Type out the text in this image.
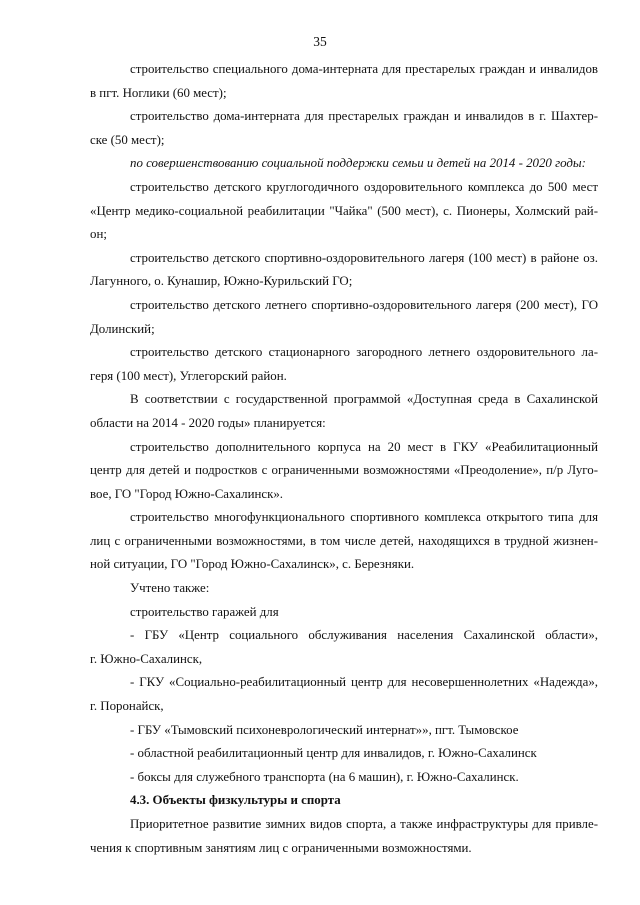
35
строительство специального дома-интерната для престарелых граждан и инвалидов
в пгт. Ноглики (60 мест);
строительство дома-интерната для престарелых граждан и инвалидов в г. Шахтер-
ске (50 мест);
по совершенствованию социальной поддержки семьи и детей на 2014 - 2020 годы:
строительство детского круглогодичного оздоровительного комплекса до 500 мест
«Центр медико-социальной реабилитации "Чайка" (500 мест), с. Пионеры, Холмский рай-
он;
строительство детского спортивно-оздоровительного лагеря (100 мест) в районе оз.
Лагунного, о. Кунашир, Южно-Курильский ГО;
строительство детского летнего спортивно-оздоровительного лагеря (200 мест), ГО
Долинский;
строительство детского стационарного загородного летнего оздоровительного ла-
геря (100 мест), Углегорский район.
В соответствии с государственной программой «Доступная среда в Сахалинской
области на 2014 - 2020 годы» планируется:
строительство дополнительного корпуса на 20 мест в ГКУ «Реабилитационный
центр для детей и подростков с ограниченными возможностями «Преодоление», п/р Луго-
вое, ГО "Город Южно-Сахалинск».
строительство многофункционального спортивного комплекса открытого типа для
лиц с ограниченными возможностями, в том числе детей, находящихся в трудной жизнен-
ной ситуации, ГО "Город Южно-Сахалинск», с. Березняки.
Учтено также:
строительство гаражей для
- ГБУ «Центр социального обслуживания населения Сахалинской области»,
г. Южно-Сахалинск,
- ГКУ «Социально-реабилитационный центр для несовершеннолетних «Надежда»,
г. Поронайск,
- ГБУ «Тымовский психоневрологический интернат»», пгт. Тымовское
- областной реабилитационный центр для инвалидов, г. Южно-Сахалинск
- боксы для служебного транспорта (на 6 машин), г. Южно-Сахалинск.
4.3. Объекты физкультуры и спорта
Приоритетное развитие зимних видов спорта, а также инфраструктуры для привле-
чения к спортивным занятиям лиц с ограниченными возможностями.
